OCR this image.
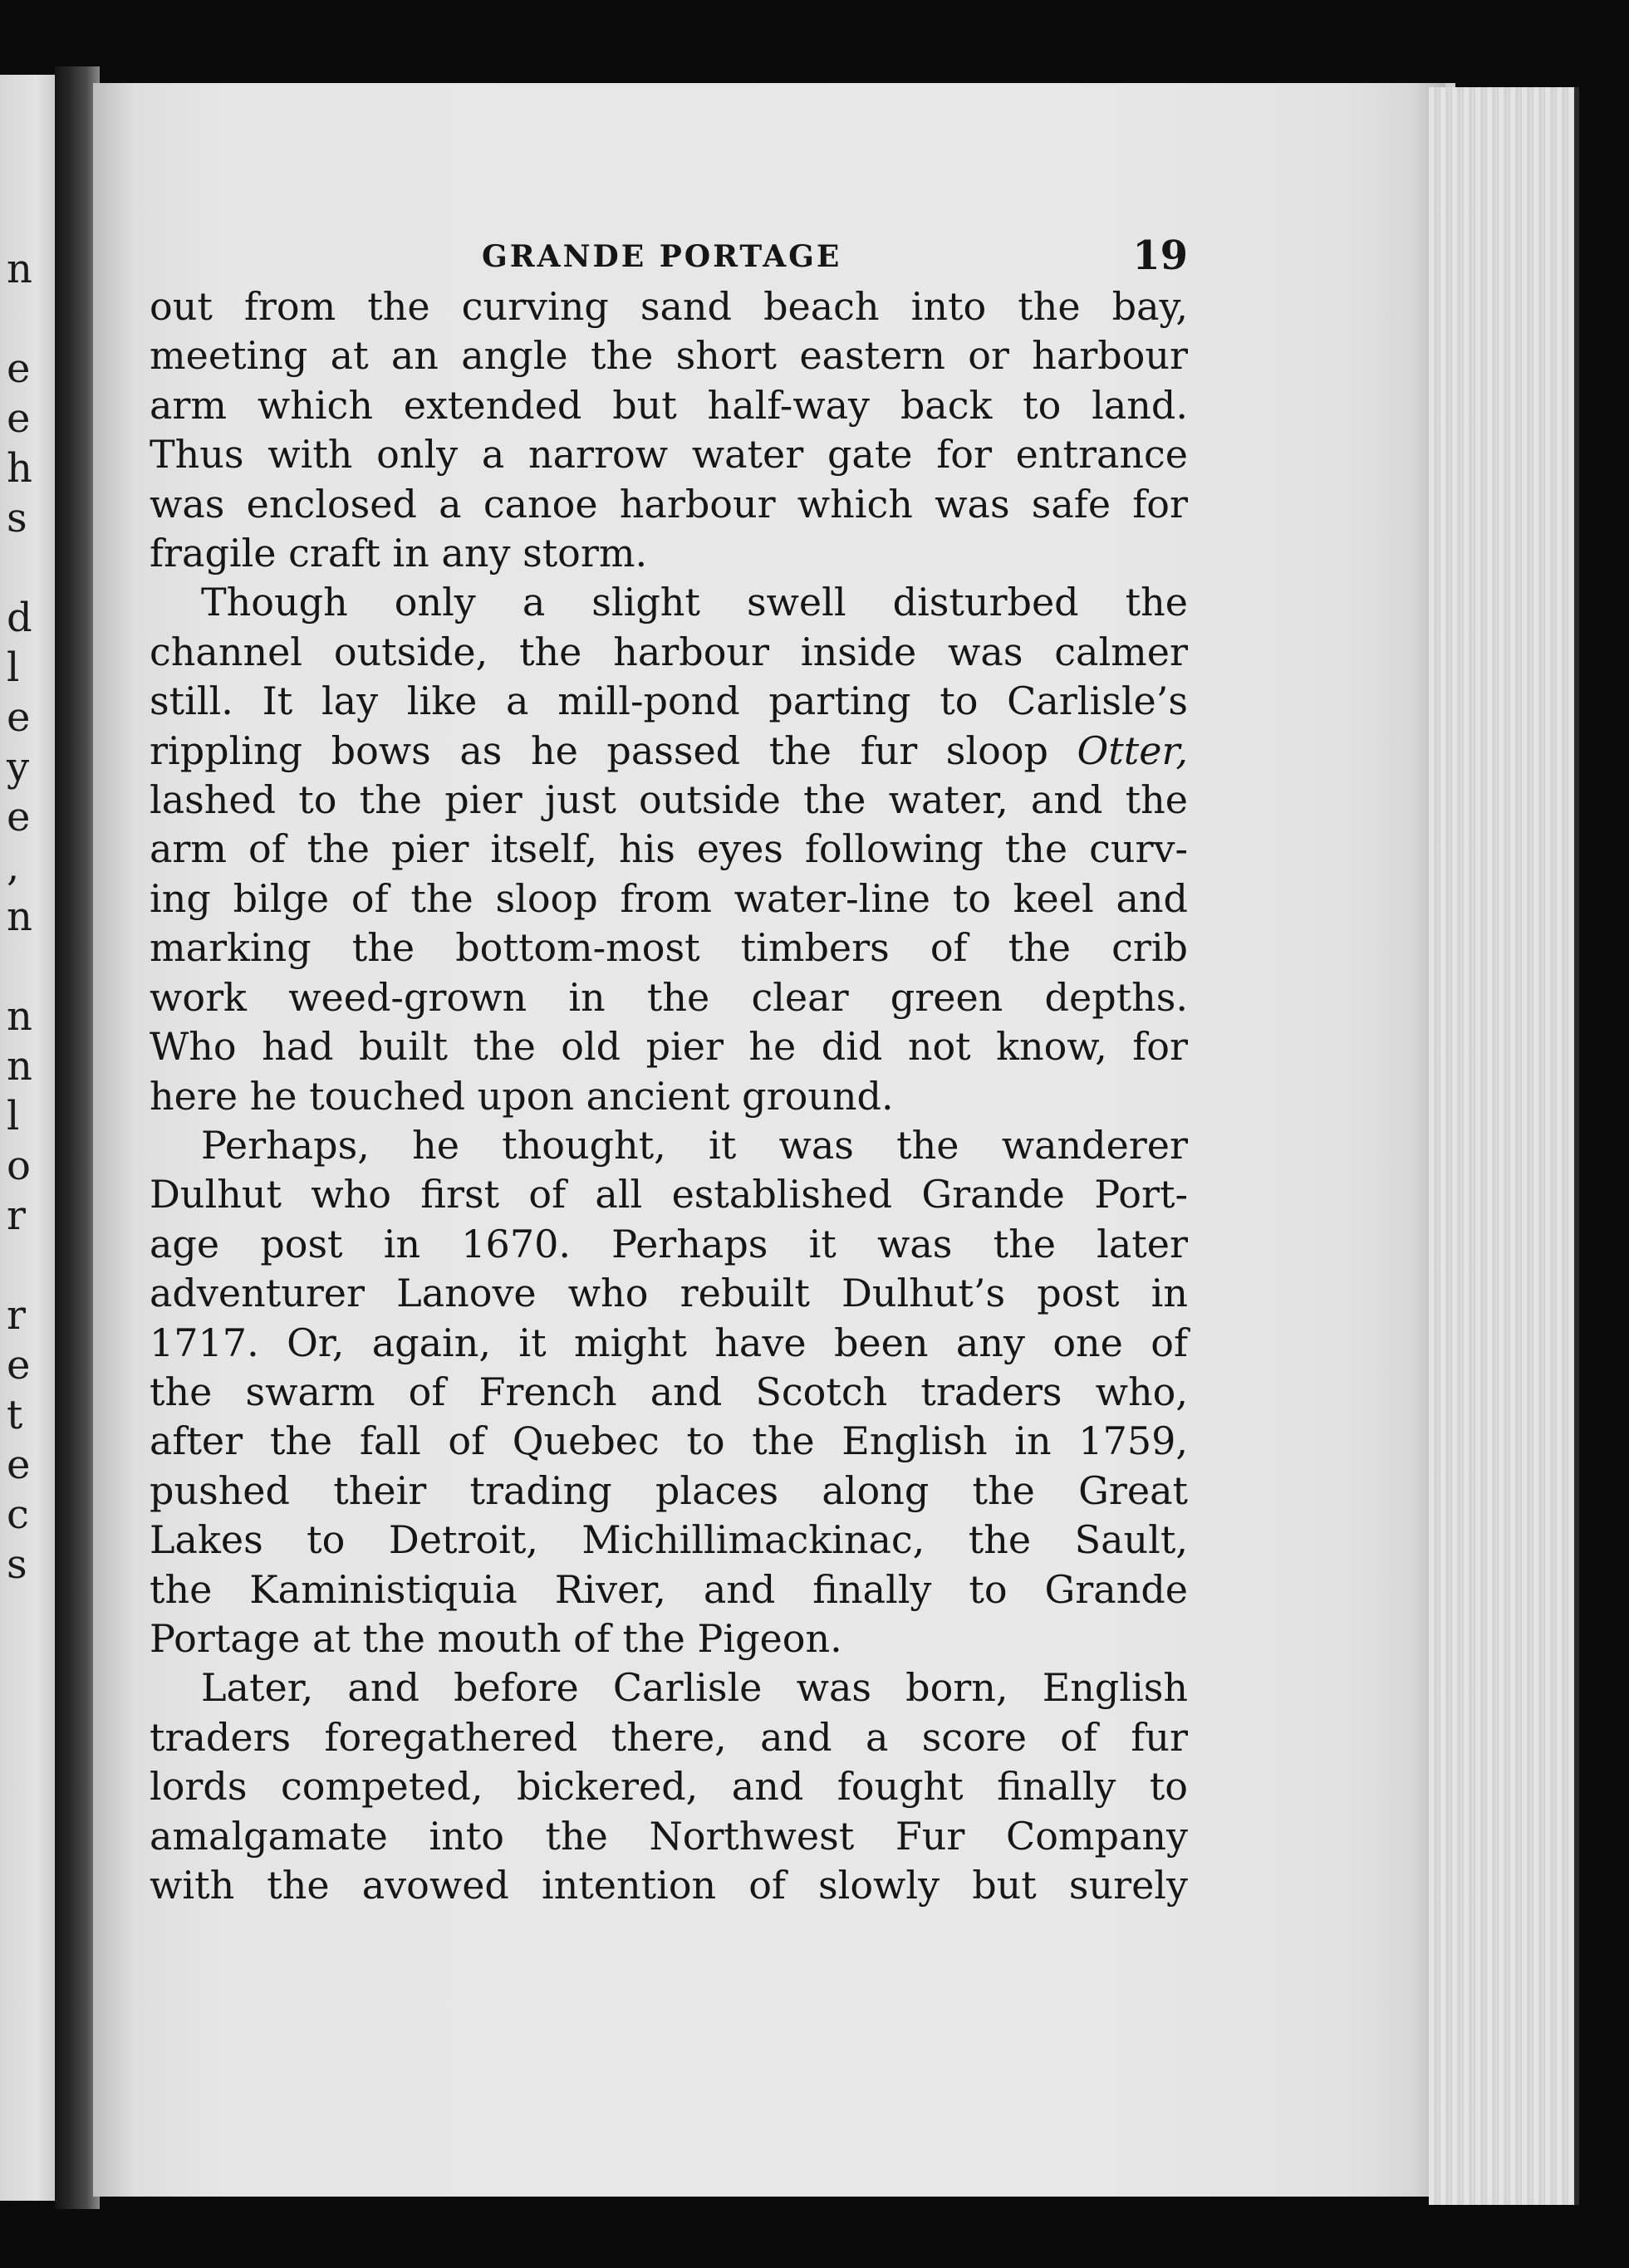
n
e
e
h
s
d
l
e
y
e
,
n
n
n
l
o
r
r
e
t
e
c
s
GRANDE PORTAGE	19
out from the curving sand beach into the bay,
meeting at an angle the short eastern or harbour
arm which extended but half-way back to land.
Thus with only a narrow water gate for entrance
was enclosed a canoe harbour which was safe for
fragile craft in any storm.
Though only a slight swell disturbed the
channel outside, the harbour inside was calmer
still. It lay like a mill-pond parting to Carlisle’s
rippling bows as he passed the fur sloop Otter,
lashed to the pier just outside the water, and the
arm of the pier itself, his eyes following the curv-
ing bilge of the sloop from water-line to keel and
marking the bottom-most timbers of the crib
work weed-grown in the clear green depths.
Who had built the old pier he did not know, for
here he touched upon ancient ground.
Perhaps, he thought, it was the wanderer
Dulhut who first of all established Grande Port-
age post in 1670. Perhaps it was the later
adventurer Lanove who rebuilt Dulhut’s post in
1717. Or, again, it might have been any one of
the swarm of French and Scotch traders who,
after the fall of Quebec to the English in 1759,
pushed their trading places along the Great
Lakes to Detroit, Michillimackinac, the Sault,
the Kaministiquia River, and finally to Grande
Portage at the mouth of the Pigeon.
Later, and before Carlisle was born, English
traders foregathered there, and a score of fur
lords competed, bickered, and fought finally to
amalgamate into the Northwest Fur Company
with the avowed intention of slowly but surely
